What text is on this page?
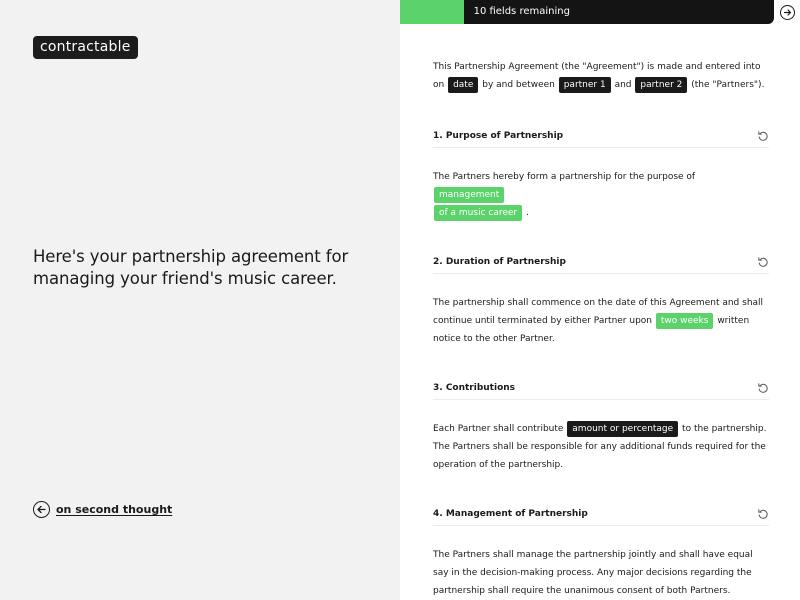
contractable
Here's your partnership agreement for managing your friend's music career.
on second thought
10 fields remaining
This Partnership Agreement (the "Agreement") is made and entered into on date by and between partner 1 and partner 2 (the "Partners").
1. Purpose of Partnership
The Partners hereby form a partnership for the purpose of management
of a music career .
2. Duration of Partnership
The partnership shall commence on the date of this Agreement and shall continue until terminated by either Partner upon two weeks written notice to the other Partner.
3. Contributions
Each Partner shall contribute amount or percentage to the partnership. The Partners shall be responsible for any additional funds required for the operation of the partnership.
4. Management of Partnership
The Partners shall manage the partnership jointly and shall have equal say in the decision-making process. Any major decisions regarding the partnership shall require the unanimous consent of both Partners.
